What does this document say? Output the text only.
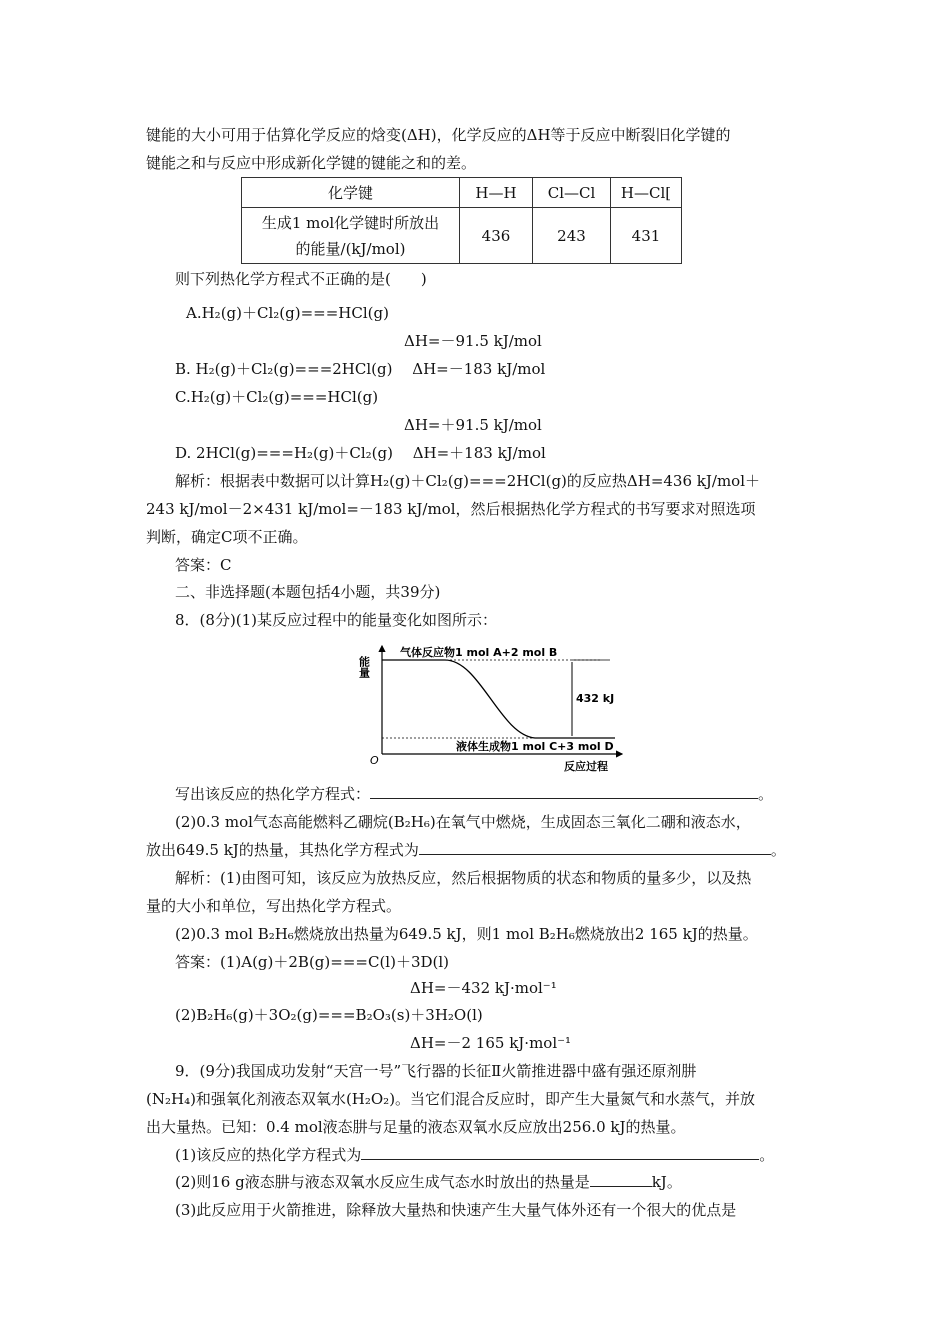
键能的大小可用于估算化学反应的焓变(ΔH)，化学反应的ΔH等于反应中断裂旧化学键的
键能之和与反应中形成新化学键的键能之和的差。
化学键	H—H	Cl—Cl	H—Cl[
生成1 mol化学键时所放出
的能量/(kJ/mol)	436	243	431
则下列热化学方程式不正确的是(　　)
A.H₂(g)＋Cl₂(g)===HCl(g)
ΔH=－91.5 kJ/mol
B. H₂(g)＋Cl₂(g)===2HCl(g)　 ΔH=－183 kJ/mol
C.H₂(g)＋Cl₂(g)===HCl(g)
ΔH=＋91.5 kJ/mol
D. 2HCl(g)===H₂(g)＋Cl₂(g)　 ΔH=＋183 kJ/mol
解析：根据表中数据可以计算H₂(g)＋Cl₂(g)===2HCl(g)的反应热ΔH=436 kJ/mol＋
243 kJ/mol－2×431 kJ/mol=－183 kJ/mol，然后根据热化学方程式的书写要求对照选项
判断，确定C项不正确。
答案：C
二、非选择题(本题包括4小题，共39分)
8．(8分)(1)某反应过程中的能量变化如图所示：
能量
气体反应物1 mol A+2 mol B
432 kJ
液体生成物1 mol C+3 mol D
O	反应过程
写出该反应的热化学方程式：	。
(2)0.3 mol气态高能燃料乙硼烷(B₂H₆)在氧气中燃烧，生成固态三氧化二硼和液态水，
放出649.5 kJ的热量，其热化学方程式为	。
解析：(1)由图可知，该反应为放热反应，然后根据物质的状态和物质的量多少，以及热
量的大小和单位，写出热化学方程式。
(2)0.3 mol B₂H₆燃烧放出热量为649.5 kJ，则1 mol B₂H₆燃烧放出2 165 kJ的热量。
答案：(1)A(g)＋2B(g)===C(l)＋3D(l)
ΔH=－432 kJ·mol⁻¹
(2)B₂H₆(g)＋3O₂(g)===B₂O₃(s)＋3H₂O(l)
ΔH=－2 165 kJ·mol⁻¹
9．(9分)我国成功发射“天宫一号”飞行器的长征Ⅱ火箭推进器中盛有强还原剂肼
(N₂H₄)和强氧化剂液态双氧水(H₂O₂)。当它们混合反应时，即产生大量氮气和水蒸气，并放
出大量热。已知：0.4 mol液态肼与足量的液态双氧水反应放出256.0 kJ的热量。
(1)该反应的热化学方程式为	。
(2)则16 g液态肼与液态双氧水反应生成气态水时放出的热量是	kJ。
(3)此反应用于火箭推进，除释放大量热和快速产生大量气体外还有一个很大的优点是
